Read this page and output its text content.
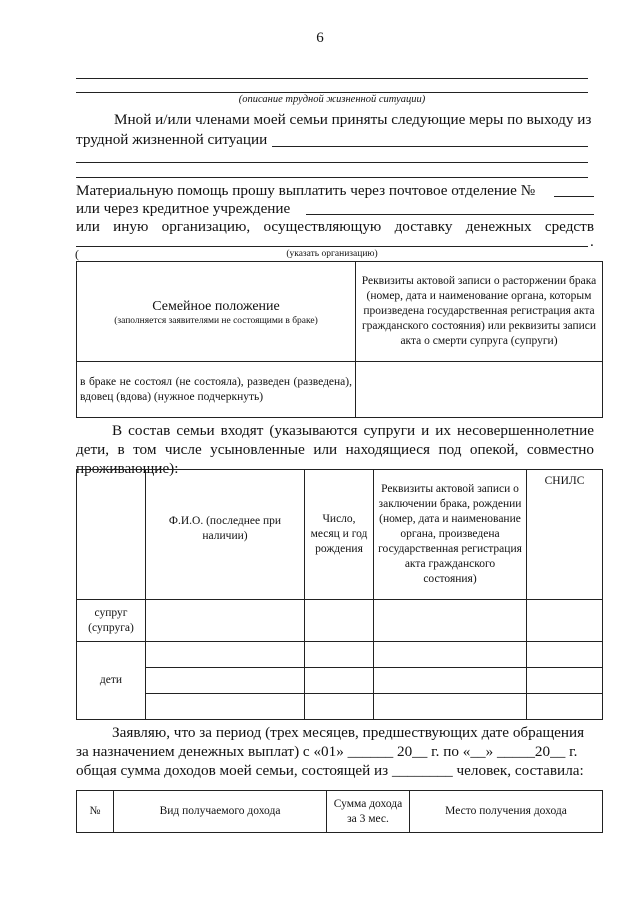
6
(описание трудной жизненной ситуации)
Мной и/или членами моей семьи приняты следующие меры по выходу из
трудной жизненной ситуации
Материальную помощь прошу выплатить через почтовое отделение №
или через кредитное учреждение
или иную организацию, осуществляющую доставку денежных средств
.
(	(указать организацию)
Семейное положение
(заполняется заявителями не состоящими в браке)	Реквизиты актовой записи о расторжении брака (номер, дата и наименование органа, которым произведена государственная регистрация акта гражданского состояния) или реквизиты записи акта о смерти супруга (супруги)
в браке не состоял (не состояла), разведен (разведена), вдовец (вдова) (нужное подчеркнуть)	
В состав семьи входят (указываются супруги и их несовершеннолетние дети, в том числе усыновленные или находящиеся под опекой, совместно проживающие):
	Ф.И.О. (последнее при наличии)	Число, месяц и год рождения	Реквизиты актовой записи о заключении брака, рождении (номер, дата и наименование органа, произведена государственная регистрация акта гражданского состояния)	СНИЛС
супруг (супруга)				
дети				

Заявляю, что за период (трех месяцев, предшествующих дате обращения
за назначением денежных выплат) с «01» ______ 20__ г. по «__» _____20__ г.
общая сумма доходов моей семьи, состоящей из ________ человек, составила:
№	Вид получаемого дохода	Сумма дохода за 3 мес.	Место получения дохода
